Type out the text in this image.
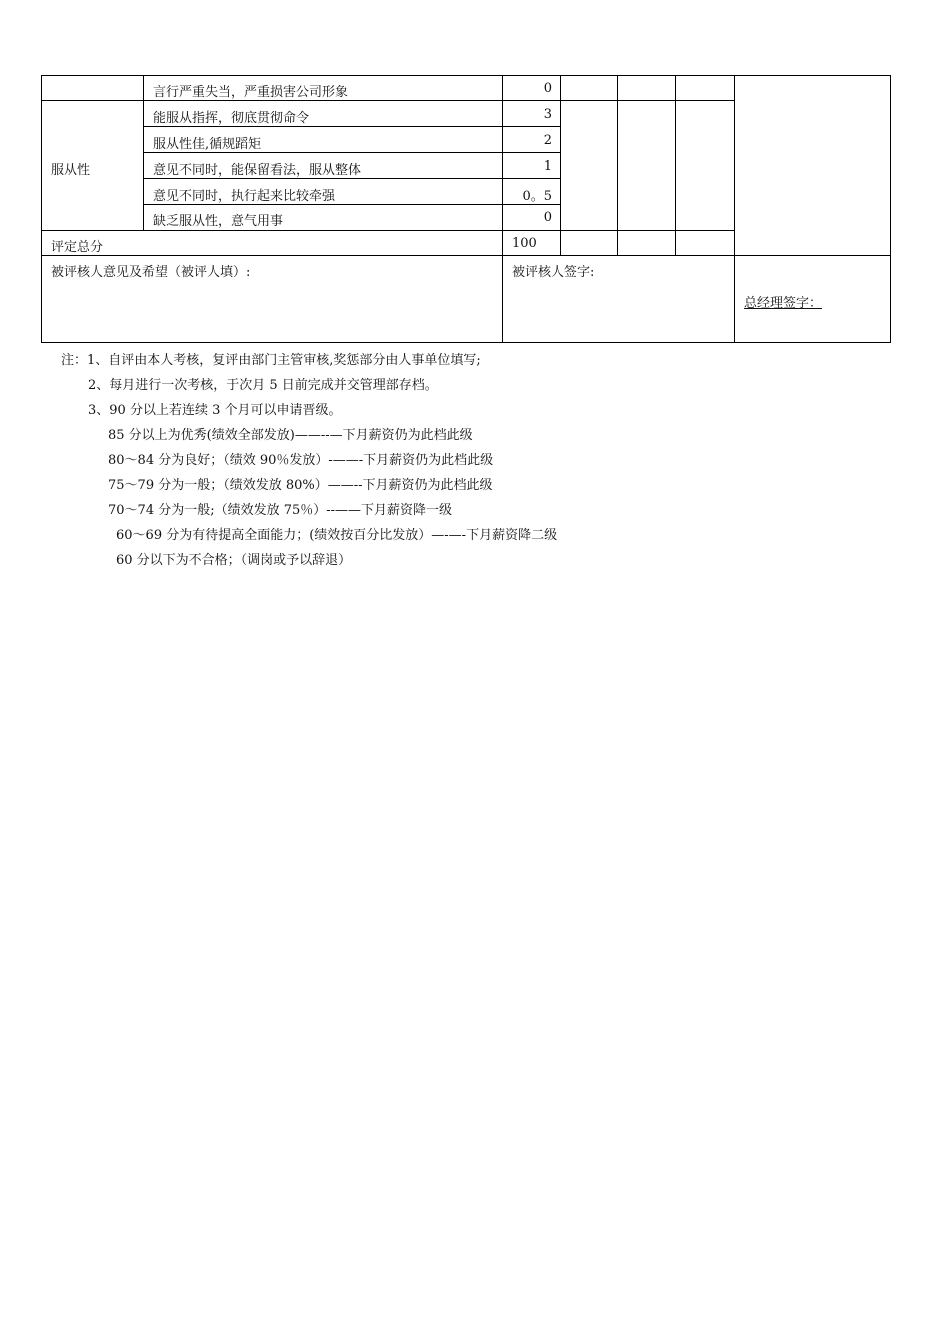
言行严重失当，严重损害公司形象	0
服从性
能服从指挥，彻底贯彻命令	3
服从性佳,循规蹈矩	2
意见不同时，能保留看法，服从整体	1
意见不同时，执行起来比较牵强	0。5
缺乏服从性，意气用事	0
评定总分	100
被评核人意见及希望（被评人填）:	被评核人签字:
总经理签字：
注：1、自评由本人考核，复评由部门主管审核,奖惩部分由人事单位填写;
2、每月进行一次考核，于次月 5 日前完成并交管理部存档。
3、90 分以上若连续 3 个月可以申请晋级。
85 分以上为优秀(绩效全部发放)——--—下月薪资仍为此档此级
80～84 分为良好；（绩效 90％发放）-——-下月薪资仍为此档此级
75～79 分为一般；（绩效发放 80%）——--下月薪资仍为此档此级
70～74 分为一般;（绩效发放 75％）--——下月薪资降一级
60～69 分为有待提高全面能力；(绩效按百分比发放）—-—-下月薪资降二级
60 分以下为不合格；（调岗或予以辞退）
